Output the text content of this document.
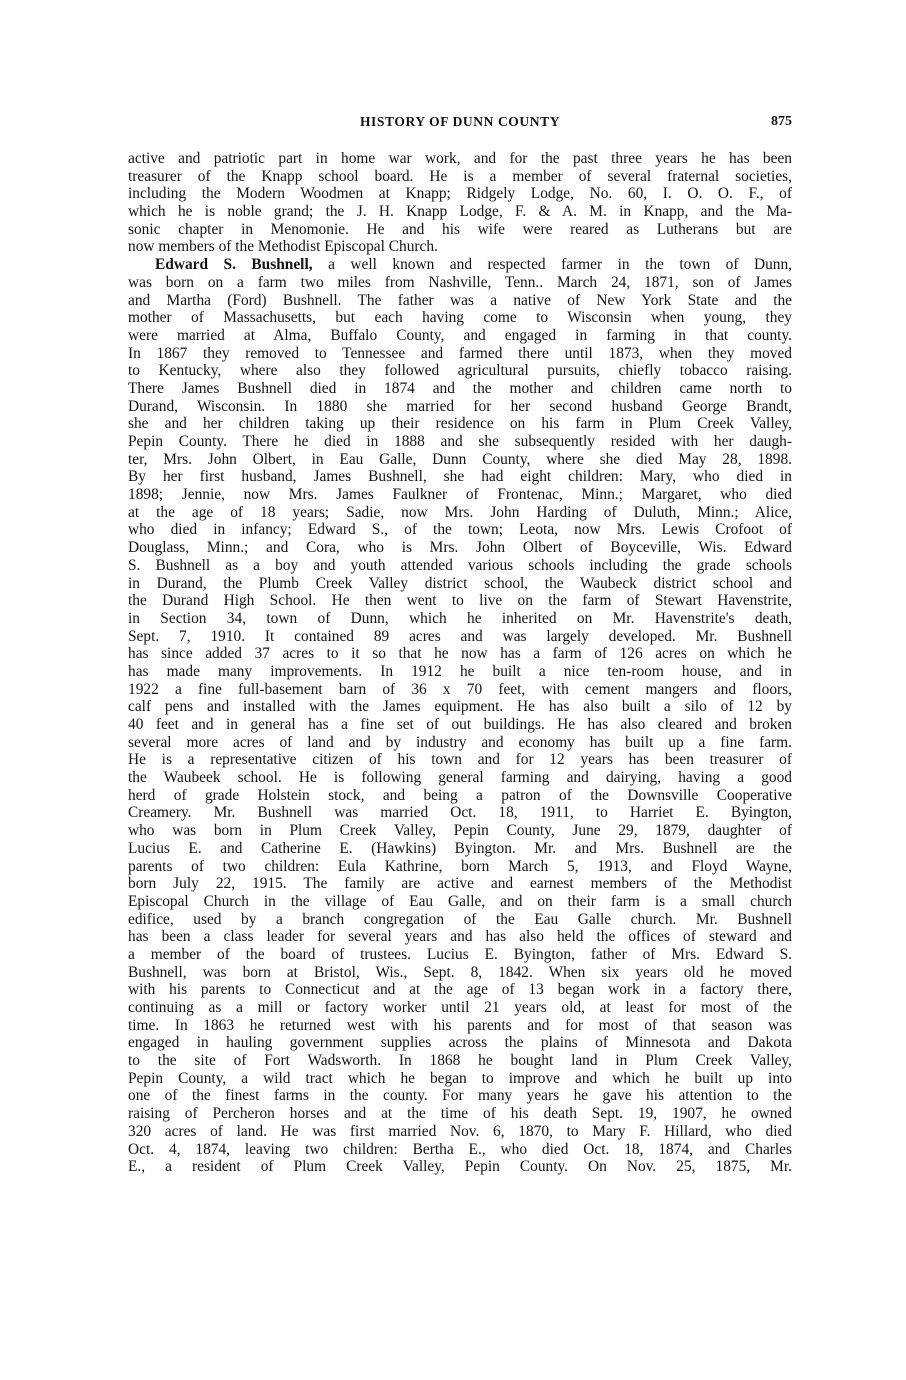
HISTORY OF DUNN COUNTY	875
active and patriotic part in home war work, and for the past three years he has been
treasurer of the Knapp school board. He is a member of several fraternal societies,
including the Modern Woodmen at Knapp; Ridgely Lodge, No. 60, I. O. O. F., of
which he is noble grand; the J. H. Knapp Lodge, F. & A. M. in Knapp, and the Ma-
sonic chapter in Menomonie. He and his wife were reared as Lutherans but are
now members of the Methodist Episcopal Church.
Edward S. Bushnell, a well known and respected farmer in the town of Dunn,
was born on a farm two miles from Nashville, Tenn.. March 24, 1871, son of James
and Martha (Ford) Bushnell. The father was a native of New York State and the
mother of Massachusetts, but each having come to Wisconsin when young, they
were married at Alma, Buffalo County, and engaged in farming in that county.
In 1867 they removed to Tennessee and farmed there until 1873, when they moved
to Kentucky, where also they followed agricultural pursuits, chiefly tobacco raising.
There James Bushnell died in 1874 and the mother and children came north to
Durand, Wisconsin. In 1880 she married for her second husband George Brandt,
she and her children taking up their residence on his farm in Plum Creek Valley,
Pepin County. There he died in 1888 and she subsequently resided with her daugh-
ter, Mrs. John Olbert, in Eau Galle, Dunn County, where she died May 28, 1898.
By her first husband, James Bushnell, she had eight children: Mary, who died in
1898; Jennie, now Mrs. James Faulkner of Frontenac, Minn.; Margaret, who died
at the age of 18 years; Sadie, now Mrs. John Harding of Duluth, Minn.; Alice,
who died in infancy; Edward S., of the town; Leota, now Mrs. Lewis Crofoot of
Douglass, Minn.; and Cora, who is Mrs. John Olbert of Boyceville, Wis. Edward
S. Bushnell as a boy and youth attended various schools including the grade schools
in Durand, the Plumb Creek Valley district school, the Waubeck district school and
the Durand High School. He then went to live on the farm of Stewart Havenstrite,
in Section 34, town of Dunn, which he inherited on Mr. Havenstrite's death,
Sept. 7, 1910. It contained 89 acres and was largely developed. Mr. Bushnell
has since added 37 acres to it so that he now has a farm of 126 acres on which he
has made many improvements. In 1912 he built a nice ten-room house, and in
1922 a fine full-basement barn of 36 x 70 feet, with cement mangers and floors,
calf pens and installed with the James equipment. He has also built a silo of 12 by
40 feet and in general has a fine set of out buildings. He has also cleared and broken
several more acres of land and by industry and economy has built up a fine farm.
He is a representative citizen of his town and for 12 years has been treasurer of
the Waubeek school. He is following general farming and dairying, having a good
herd of grade Holstein stock, and being a patron of the Downsville Cooperative
Creamery. Mr. Bushnell was married Oct. 18, 1911, to Harriet E. Byington,
who was born in Plum Creek Valley, Pepin County, June 29, 1879, daughter of
Lucius E. and Catherine E. (Hawkins) Byington. Mr. and Mrs. Bushnell are the
parents of two children: Eula Kathrine, born March 5, 1913, and Floyd Wayne,
born July 22, 1915. The family are active and earnest members of the Methodist
Episcopal Church in the village of Eau Galle, and on their farm is a small church
edifice, used by a branch congregation of the Eau Galle church. Mr. Bushnell
has been a class leader for several years and has also held the offices of steward and
a member of the board of trustees. Lucius E. Byington, father of Mrs. Edward S.
Bushnell, was born at Bristol, Wis., Sept. 8, 1842. When six years old he moved
with his parents to Connecticut and at the age of 13 began work in a factory there,
continuing as a mill or factory worker until 21 years old, at least for most of the
time. In 1863 he returned west with his parents and for most of that season was
engaged in hauling government supplies across the plains of Minnesota and Dakota
to the site of Fort Wadsworth. In 1868 he bought land in Plum Creek Valley,
Pepin County, a wild tract which he began to improve and which he built up into
one of the finest farms in the county. For many years he gave his attention to the
raising of Percheron horses and at the time of his death Sept. 19, 1907, he owned
320 acres of land. He was first married Nov. 6, 1870, to Mary F. Hillard, who died
Oct. 4, 1874, leaving two children: Bertha E., who died Oct. 18, 1874, and Charles
E., a resident of Plum Creek Valley, Pepin County. On Nov. 25, 1875, Mr.
